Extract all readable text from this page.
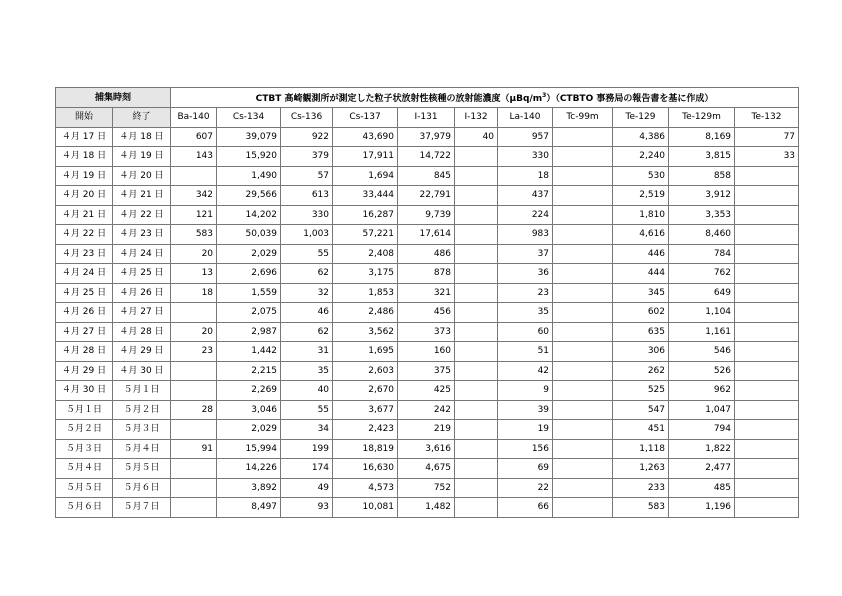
捕集時刻		CTBT 高崎観測所が測定した粒子状放射性核種の放射能濃度$(\mu Bq/m^3)(CTBTO$ 事務局の報告書を基に作成）										
開始	終了	Ba-140	Cs-134	Cs-136	Cs-137	I-131	I-132	La-140	Tc-99m	Te-129	Te-129m	Te-132
４月 17 日	４月 18 日	607	39,079	922	43,690	37,979	40	957		4,386	8,169	77
４月 18 日	４月 19 日	143	15,920	379	17,911	14,722		330		2,240	3,815	33
４月 19 日	４月 20 日		1,490	57	1,694	845		18		530	858	
４月 20 日	４月 21 日	342	29,566	613	33,444	22,791		437		2,519	3,912	
４月 21 日	４月 22 日	121	14,202	330	16,287	9,739		224		1,810	3,353	
４月 22 日	４月 23 日	583	50,039	1,003	57,221	17,614		983		4,616	8,460	
４月 23 日	４月 24 日	20	2,029	55	2,408	486		37		446	784	
４月 24 日	４月 25 日	13	2,696	62	3,175	878		36		444	762	
４月 25 日	４月 26 日	18	1,559	32	1,853	321		23		345	649	
４月 26 日	４月 27 日		2,075	46	2,486	456		35		602	1,104	
４月 27 日	４月 28 日	20	2,987	62	3,562	373		60		635	1,161	
４月 28 日	４月 29 日	23	1,442	31	1,695	160		51		306	546	
４月 29 日	４月 30 日		2,215	35	2,603	375		42		262	526	
４月 30 日	５月１日		2,269	40	2,670	425		9		525	962	
５月１日	５月２日	28	3,046	55	3,677	242		39		547	1,047	
５月２日	５月３日		2,029	34	2,423	219		19		451	794	
５月３日	５月４日	91	15,994	199	18,819	3,616		156		1,118	1,822	
５月４日	５月５日		14,226	174	16,630	4,675		69		1,263	2,477	
５月５日	５月６日		3,892	49	4,573	752		22		233	485	
５月６日	５月７日		8,497	93	10,081	1,482		66		583	1,196	
